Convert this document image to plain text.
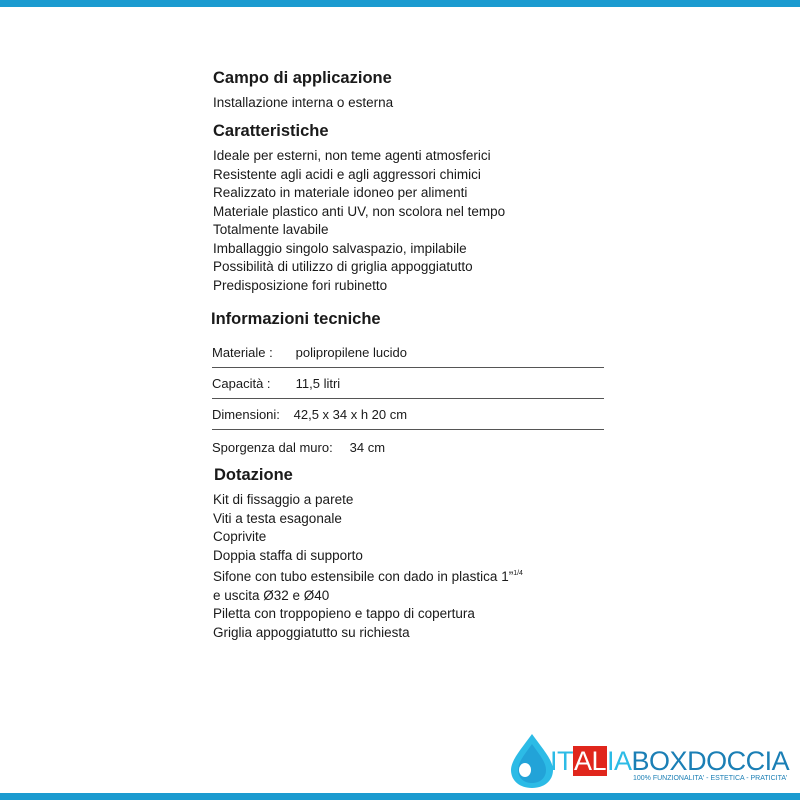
Campo di applicazione
Installazione interna o esterna
Caratteristiche
Ideale per esterni, non teme agenti atmosferici
Resistente agli acidi e agli aggressori chimici
Realizzato in materiale idoneo per alimenti
Materiale plastico anti UV, non scolora nel tempo
Totalmente lavabile
Imballaggio singolo salvaspazio, impilabile
Possibilità di utilizzo di griglia appoggiatutto
Predisposizione fori rubinetto
Informazioni tecniche
Materiale : polipropilene lucido
Capacità : 11,5 litri
Dimensioni: 42,5 x 34 x h 20 cm
Sporgenza dal muro: 34 cm
Dotazione
Kit di fissaggio a parete
Viti a testa esagonale
Coprivite
Doppia staffa di supporto
Sifone con tubo estensibile con dado in plastica 1”$^{1/4}$
e uscita Ø32 e Ø40
Piletta con troppopieno e tappo di copertura
Griglia appoggiatutto su richiesta
ITALIABOXDOCCIA
100% FUNZIONALITA' - ESTETICA - PRATICITA'
